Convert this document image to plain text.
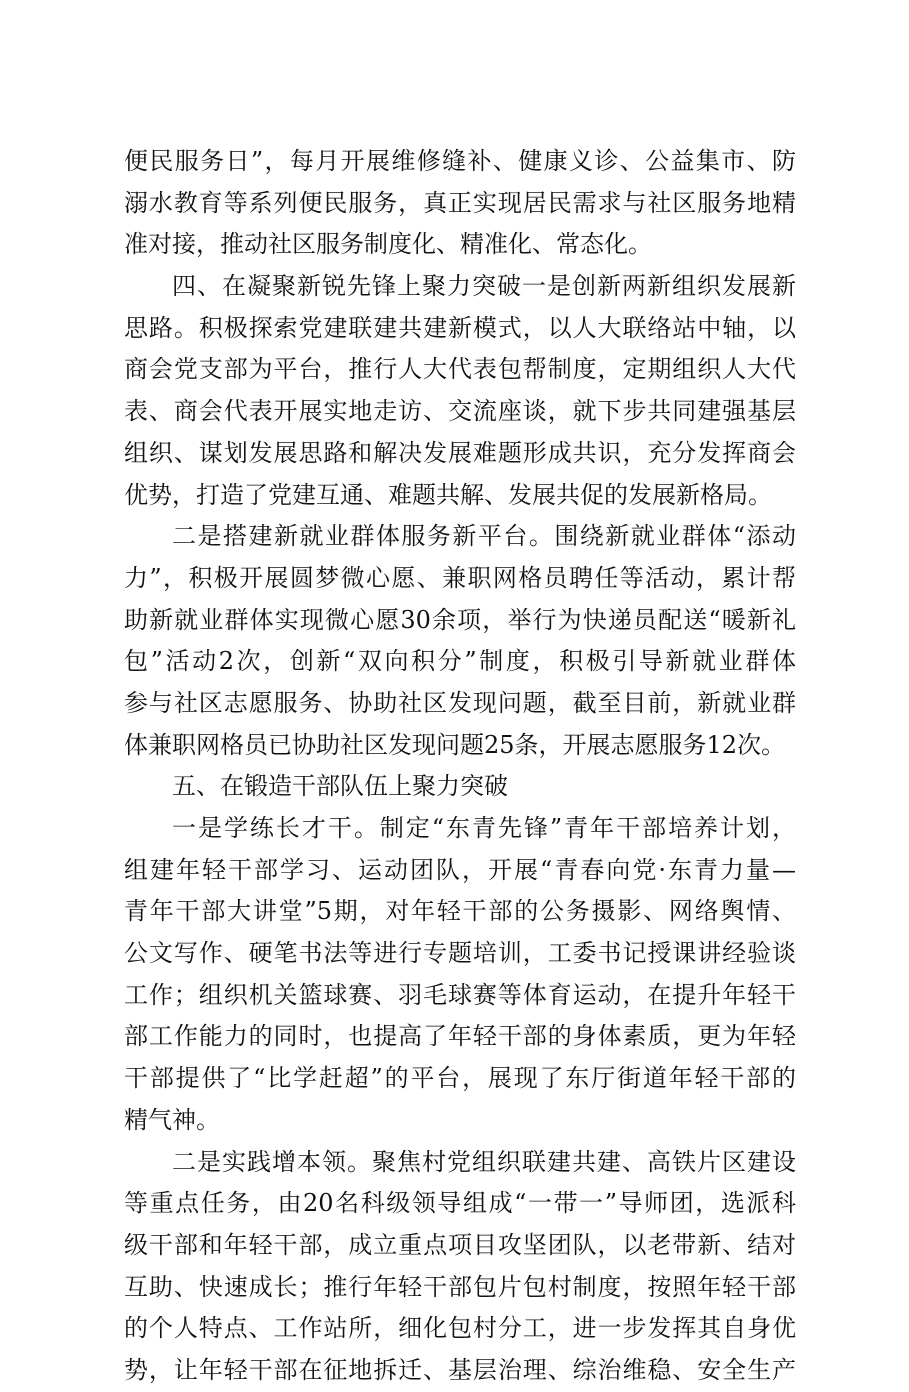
便民服务日”，每月开展维修缝补、健康义诊、公益集市、防
溺水教育等系列便民服务，真正实现居民需求与社区服务地精
准对接，推动社区服务制度化、精准化、常态化。
四、在凝聚新锐先锋上聚力突破一是创新两新组织发展新
思路。积极探索党建联建共建新模式，以人大联络站中轴，以
商会党支部为平台，推行人大代表包帮制度，定期组织人大代
表、商会代表开展实地走访、交流座谈，就下步共同建强基层
组织、谋划发展思路和解决发展难题形成共识，充分发挥商会
优势，打造了党建互通、难题共解、发展共促的发展新格局。
二是搭建新就业群体服务新平台。围绕新就业群体“添动
力”，积极开展圆梦微心愿、兼职网格员聘任等活动，累计帮
助新就业群体实现微心愿30余项，举行为快递员配送“暖新礼
包”活动2次，创新“双向积分”制度，积极引导新就业群体
参与社区志愿服务、协助社区发现问题，截至目前，新就业群
体兼职网格员已协助社区发现问题25条，开展志愿服务12次。
五、在锻造干部队伍上聚力突破
一是学练长才干。制定“东青先锋”青年干部培养计划，
组建年轻干部学习、运动团队，开展“青春向党·东青力量—
青年干部大讲堂”5期，对年轻干部的公务摄影、网络舆情、
公文写作、硬笔书法等进行专题培训，工委书记授课讲经验谈
工作；组织机关篮球赛、羽毛球赛等体育运动，在提升年轻干
部工作能力的同时，也提高了年轻干部的身体素质，更为年轻
干部提供了“比学赶超”的平台，展现了东厅街道年轻干部的
精气神。
二是实践增本领。聚焦村党组织联建共建、高铁片区建设
等重点任务，由20名科级领导组成“一带一”导师团，选派科
级干部和年轻干部，成立重点项目攻坚团队，以老带新、结对
互助、快速成长；推行年轻干部包片包村制度，按照年轻干部
的个人特点、工作站所，细化包村分工，进一步发挥其自身优
势，让年轻干部在征地拆迁、基层治理、综治维稳、安全生产
